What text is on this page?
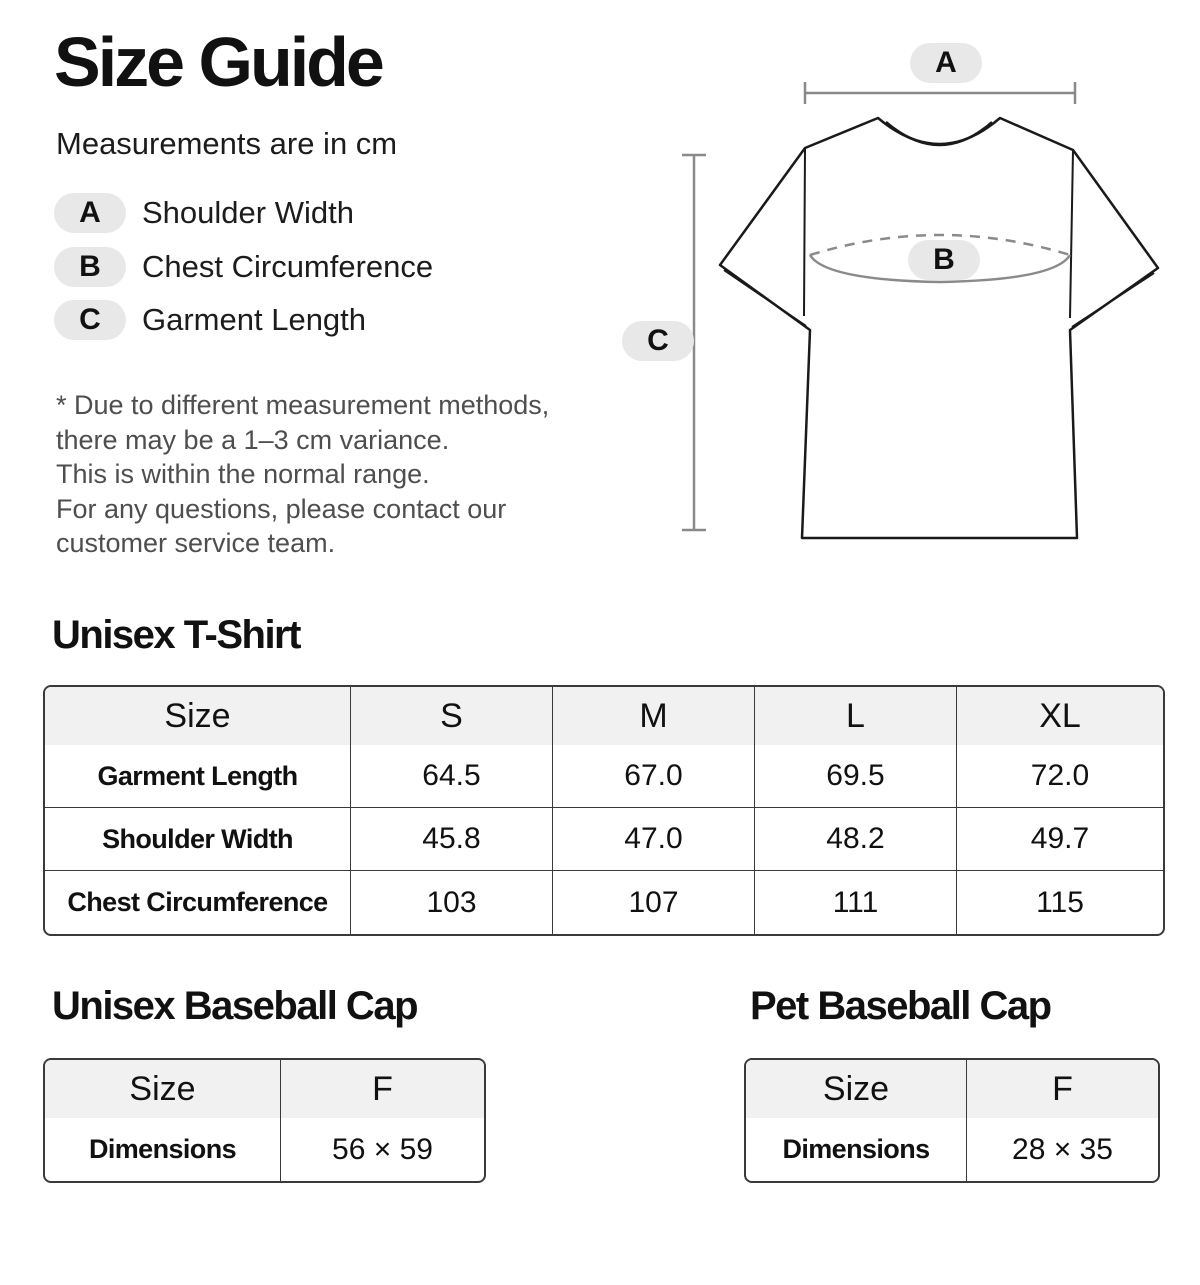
Size Guide
Measurements are in cm
A	Shoulder Width
B	Chest Circumference
C	Garment Length
* Due to different measurement methods,
there may be a 1–3 cm variance.
This is within the normal range.
For any questions, please contact our
customer service team.
A
B
C
Unisex T-Shirt
Size	S	M	L	XL
Garment Length	64.5	67.0	69.5	72.0
Shoulder Width	45.8	47.0	48.2	49.7
Chest Circumference	103	107	111	115
Unisex Baseball Cap
Size	F
Dimensions	56 × 59
Pet Baseball Cap
Size	F
Dimensions	28 × 35
